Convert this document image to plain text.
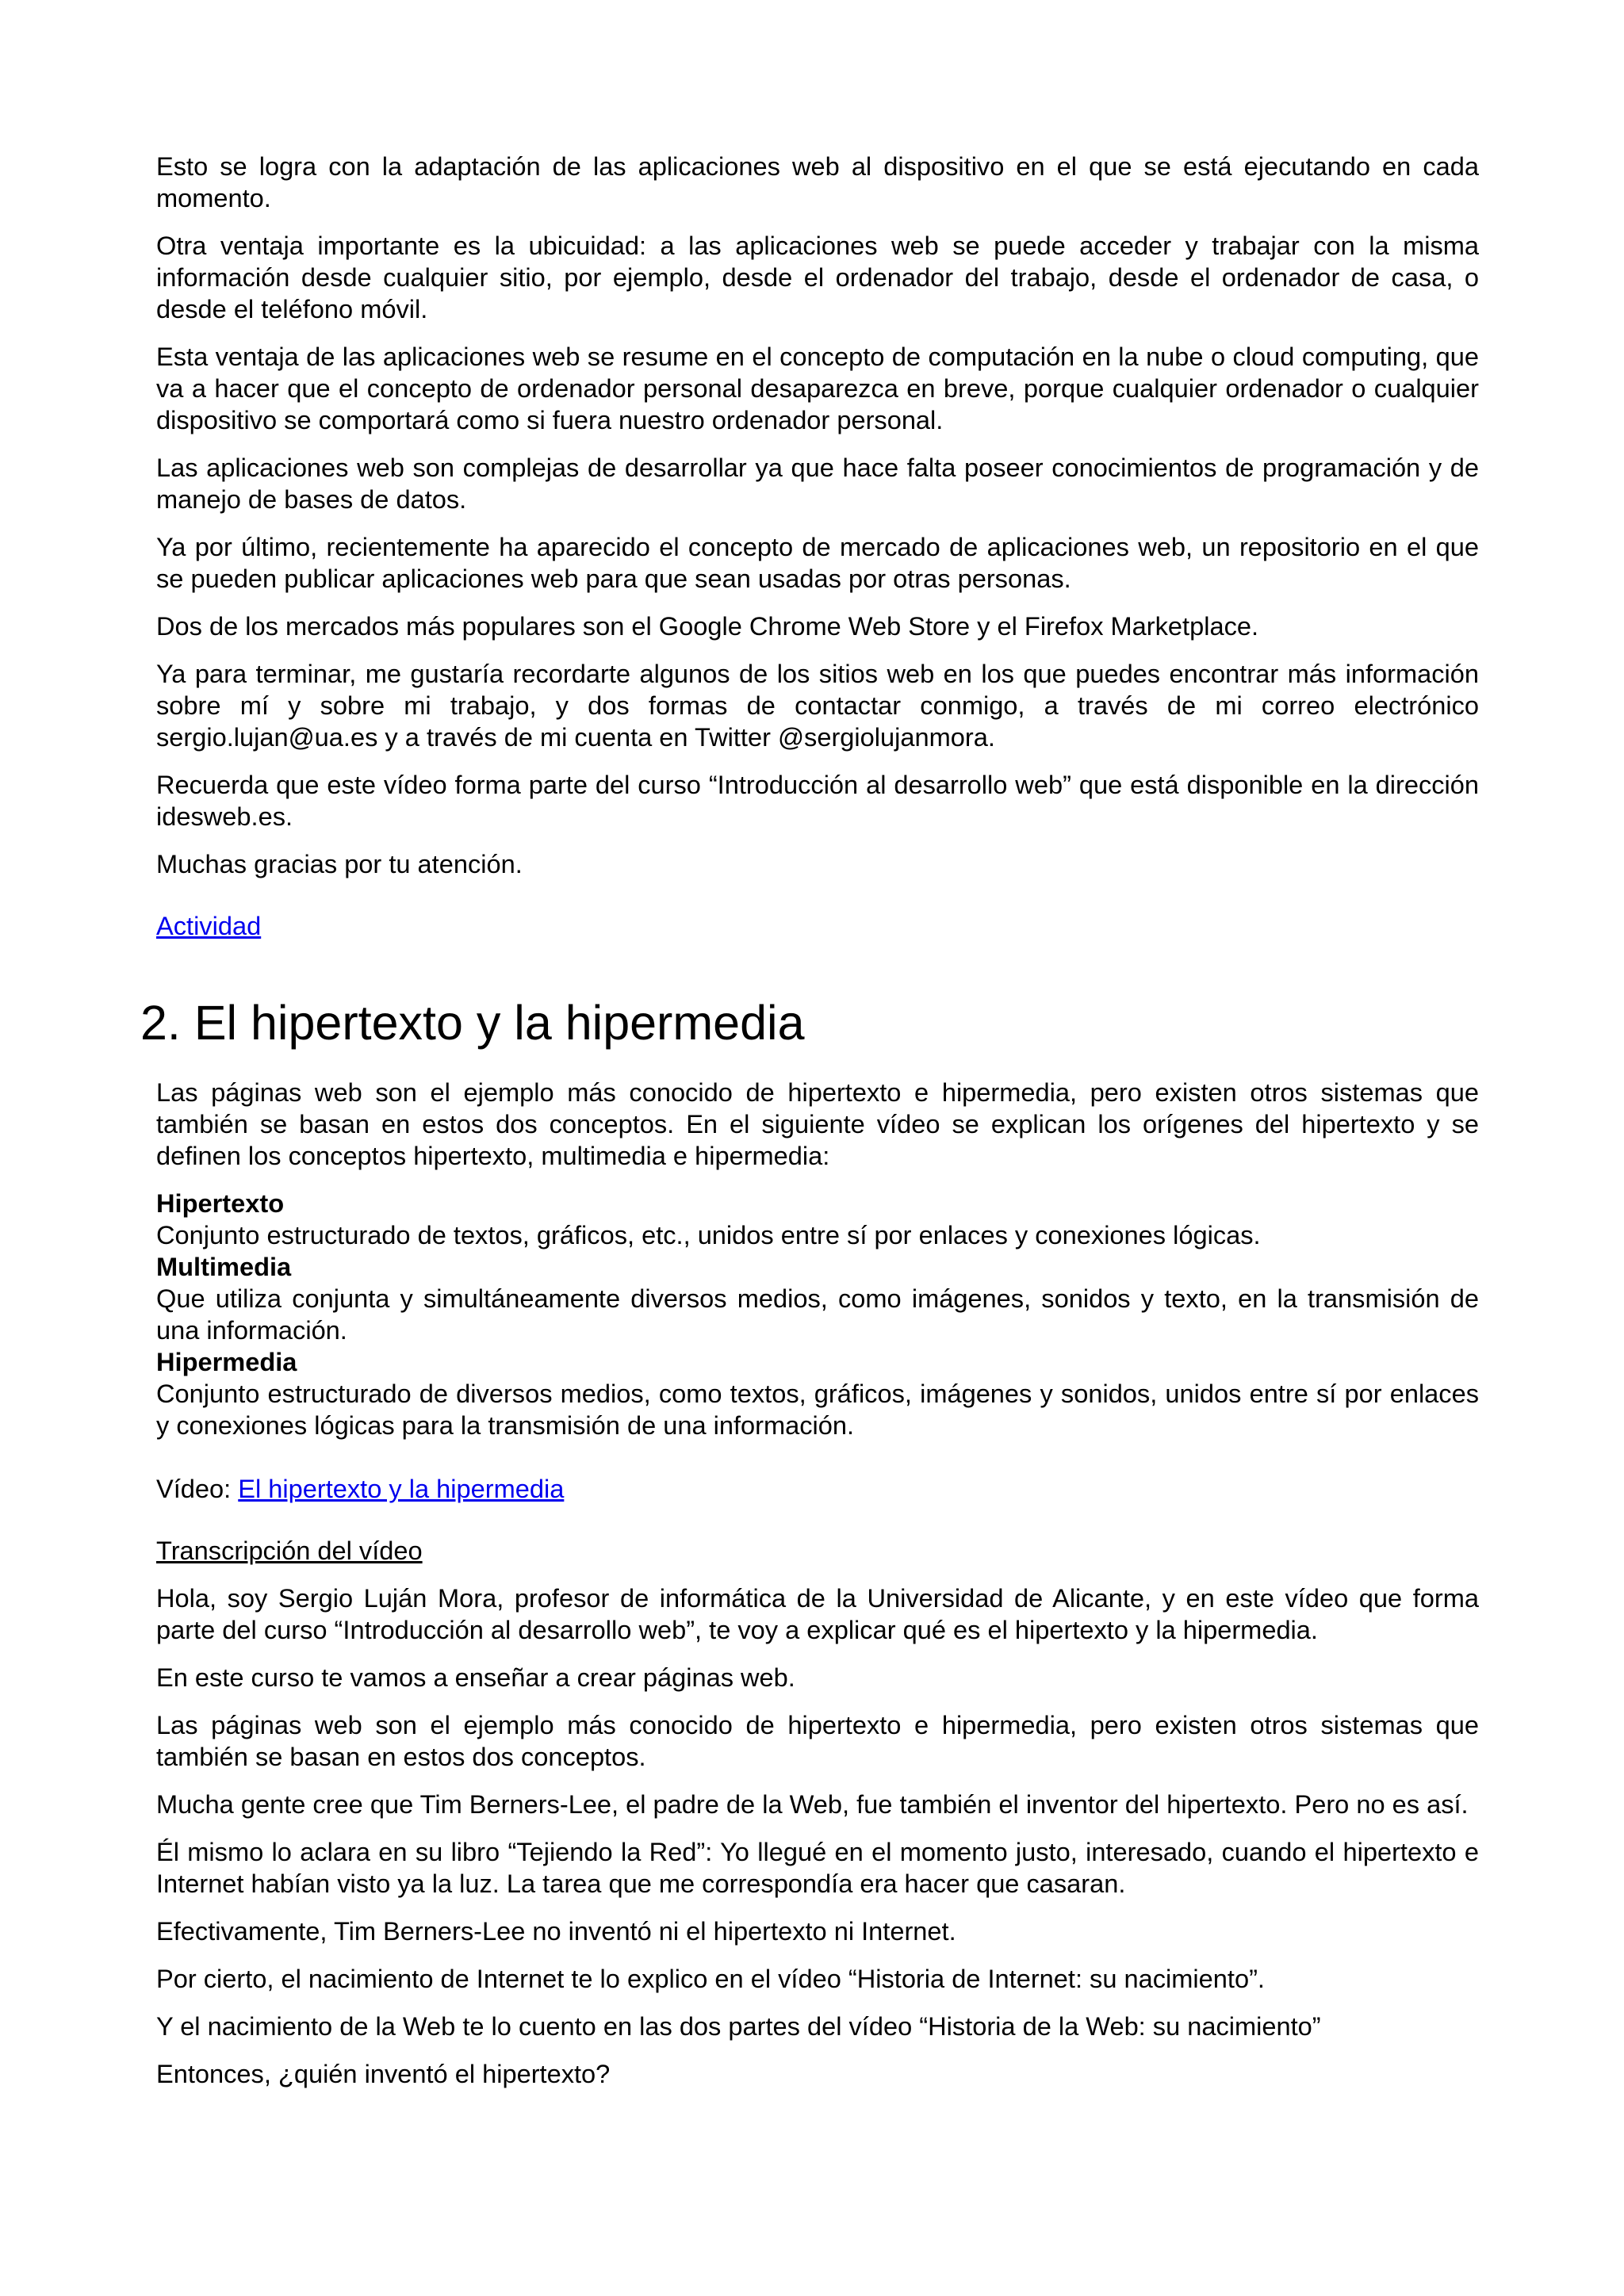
Esto se logra con la adaptación de las aplicaciones web al dispositivo en el que se está ejecutando en cada momento.

Otra ventaja importante es la ubicuidad: a las aplicaciones web se puede acceder y trabajar con la misma información desde cualquier sitio, por ejemplo, desde el ordenador del trabajo, desde el ordenador de casa, o desde el teléfono móvil.

Esta ventaja de las aplicaciones web se resume en el concepto de computación en la nube o cloud computing, que va a hacer que el concepto de ordenador personal desaparezca en breve, porque cualquier ordenador o cualquier dispositivo se comportará como si fuera nuestro ordenador personal.

Las aplicaciones web son complejas de desarrollar ya que hace falta poseer conocimientos de programación y de manejo de bases de datos.

Ya por último, recientemente ha aparecido el concepto de mercado de aplicaciones web, un repositorio en el que se pueden publicar aplicaciones web para que sean usadas por otras personas.

Dos de los mercados más populares son el Google Chrome Web Store y el Firefox Marketplace.

Ya para terminar, me gustaría recordarte algunos de los sitios web en los que puedes encontrar más información sobre mí y sobre mi trabajo, y dos formas de contactar conmigo, a través de mi correo electrónico sergio.lujan@ua.es y a través de mi cuenta en Twitter @sergiolujanmora.

Recuerda que este vídeo forma parte del curso “Introducción al desarrollo web” que está disponible en la dirección idesweb.es.

Muchas gracias por tu atención.

Actividad

2. El hipertexto y la hipermedia

Las páginas web son el ejemplo más conocido de hipertexto e hipermedia, pero existen otros sistemas que también se basan en estos dos conceptos. En el siguiente vídeo se explican los orígenes del hipertexto y se definen los conceptos hipertexto, multimedia e hipermedia:

Hipertexto
Conjunto estructurado de textos, gráficos, etc., unidos entre sí por enlaces y conexiones lógicas.
Multimedia
Que utiliza conjunta y simultáneamente diversos medios, como imágenes, sonidos y texto, en la transmisión de una información.
Hipermedia
Conjunto estructurado de diversos medios, como textos, gráficos, imágenes y sonidos, unidos entre sí por enlaces y conexiones lógicas para la transmisión de una información.

Vídeo: El hipertexto y la hipermedia

Transcripción del vídeo

Hola, soy Sergio Luján Mora, profesor de informática de la Universidad de Alicante, y en este vídeo que forma parte del curso “Introducción al desarrollo web”, te voy a explicar qué es el hipertexto y la hipermedia.

En este curso te vamos a enseñar a crear páginas web.

Las páginas web son el ejemplo más conocido de hipertexto e hipermedia, pero existen otros sistemas que también se basan en estos dos conceptos.

Mucha gente cree que Tim Berners-Lee, el padre de la Web, fue también el inventor del hipertexto. Pero no es así.

Él mismo lo aclara en su libro “Tejiendo la Red”: Yo llegué en el momento justo, interesado, cuando el hipertexto e Internet habían visto ya la luz. La tarea que me correspondía era hacer que casaran.

Efectivamente, Tim Berners-Lee no inventó ni el hipertexto ni Internet.

Por cierto, el nacimiento de Internet te lo explico en el vídeo “Historia de Internet: su nacimiento”.

Y el nacimiento de la Web te lo cuento en las dos partes del vídeo “Historia de la Web: su nacimiento”

Entonces, ¿quién inventó el hipertexto?
